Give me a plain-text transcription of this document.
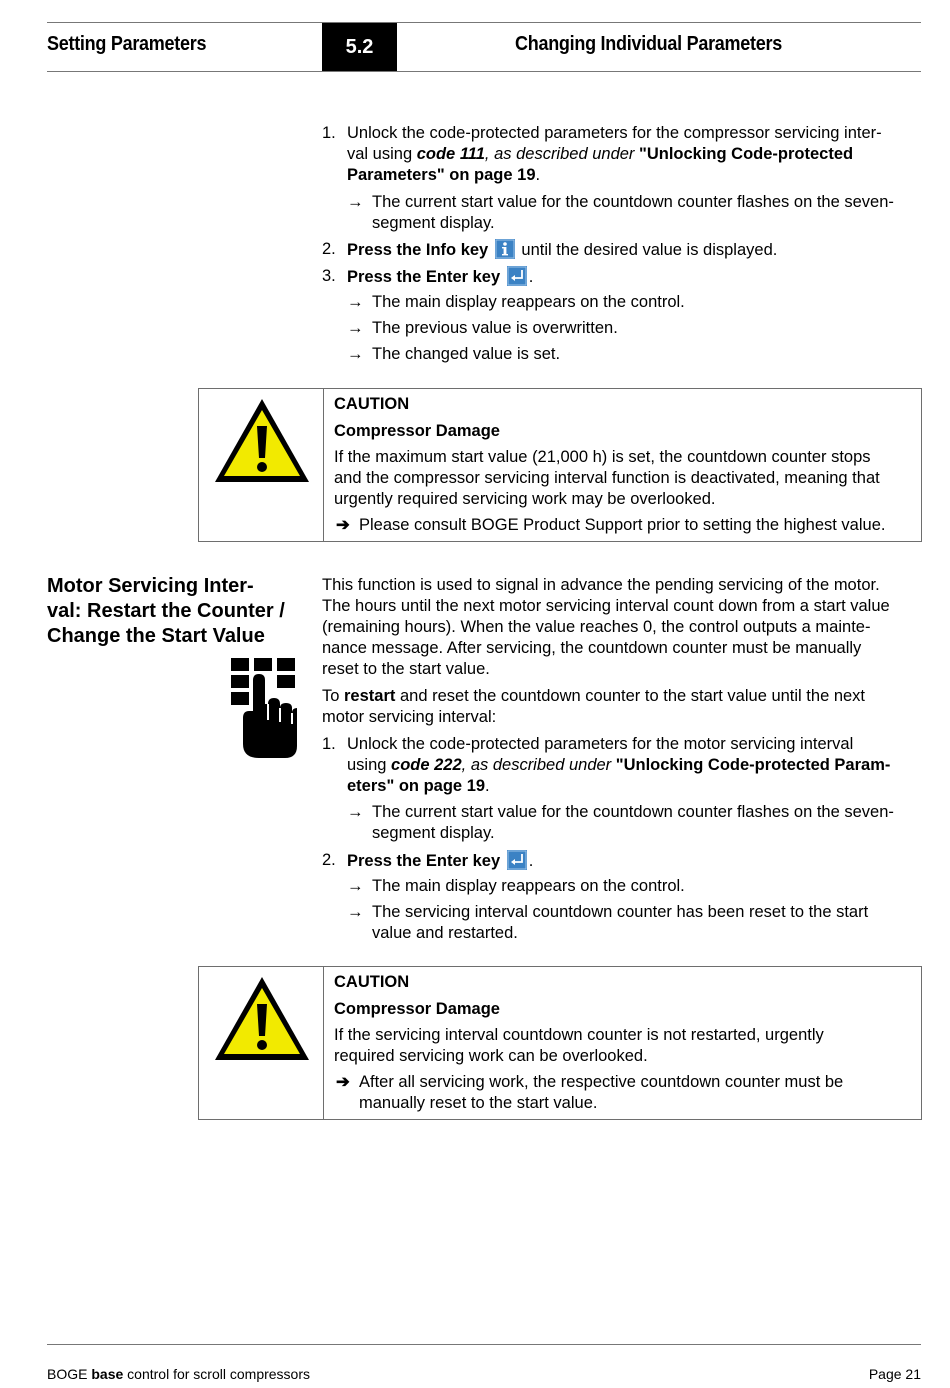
Setting Parameters	5.2	Changing Individual Parameters
1. Unlock the code-protected parameters for the compressor servicing inter-
val using code 111, as described under "Unlocking Code-protected
Parameters" on page 19.
→ The current start value for the countdown counter flashes on the seven-
segment display.
2. Press the Info key until the desired value is displayed.
3. Press the Enter key .
→ The main display reappears on the control.
→ The previous value is overwritten.
→ The changed value is set.
CAUTION
Compressor Damage
If the maximum start value (21,000 h) is set, the countdown counter stops
and the compressor servicing interval function is deactivated, meaning that
urgently required servicing work may be overlooked.
➔ Please consult BOGE Product Support prior to setting the highest value.
Motor Servicing Inter-
val: Restart the Counter /
Change the Start Value
This function is used to signal in advance the pending servicing of the motor.
The hours until the next motor servicing interval count down from a start value
(remaining hours). When the value reaches 0, the control outputs a mainte-
nance message. After servicing, the countdown counter must be manually
reset to the start value.
To restart and reset the countdown counter to the start value until the next
motor servicing interval:
1. Unlock the code-protected parameters for the motor servicing interval
using code 222, as described under "Unlocking Code-protected Param-
eters" on page 19.
→ The current start value for the countdown counter flashes on the seven-
segment display.
2. Press the Enter key .
→ The main display reappears on the control.
→ The servicing interval countdown counter has been reset to the start
value and restarted.
CAUTION
Compressor Damage
If the servicing interval countdown counter is not restarted, urgently
required servicing work can be overlooked.
➔ After all servicing work, the respective countdown counter must be
manually reset to the start value.
BOGE base control for scroll compressors	Page 21
